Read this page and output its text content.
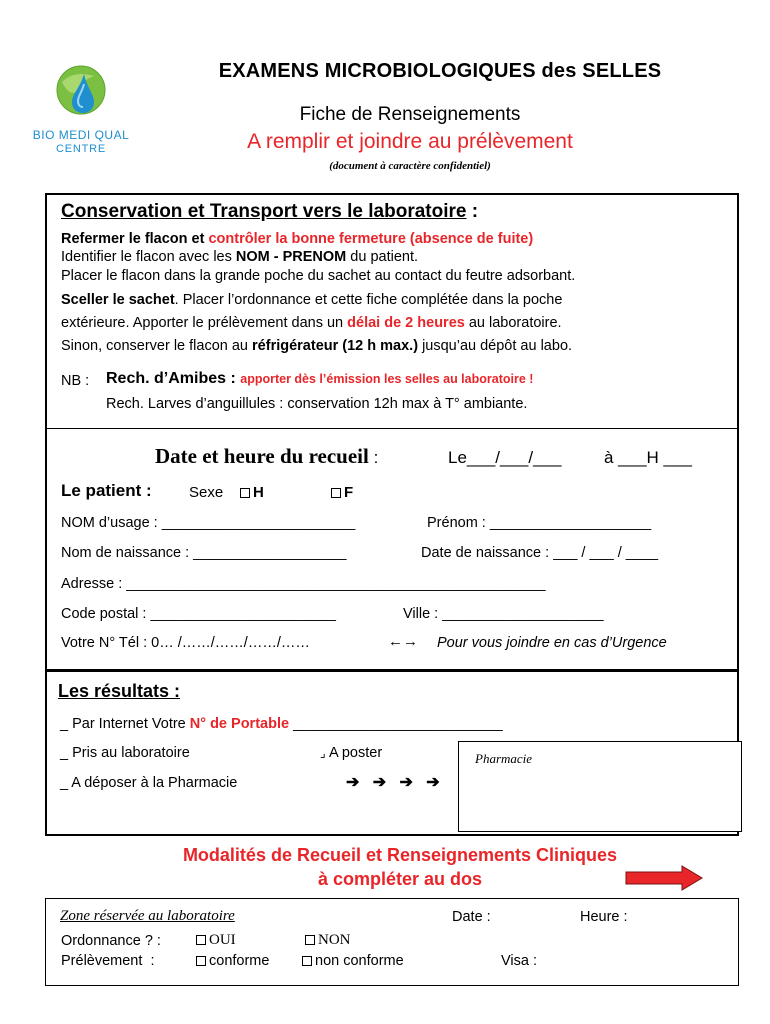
BIO MEDI QUAL
CENTRE
EXAMENS MICROBIOLOGIQUES des SELLES
Fiche de Renseignements
A remplir et joindre au prélèvement
(document à caractère confidentiel)
Conservation et Transport vers le laboratoire :
Refermer le flacon et contrôler la bonne fermeture (absence de fuite)
Identifier le flacon avec les NOM - PRENOM du patient.
Placer le flacon dans la grande poche du sachet au contact du feutre adsorbant.
Sceller le sachet. Placer l’ordonnance et cette fiche complétée dans la poche
extérieure. Apporter le prélèvement dans un délai de 2 heures au laboratoire.
Sinon, conserver le flacon au réfrigérateur (12 h max.) jusqu’au dépôt au labo.
NB : Rech. d’Amibes : apporter dès l’émission les selles au laboratoire !
Rech. Larves d’anguillules : conservation 12h max à T° ambiante.
Date et heure du recueil :	Le___/___/___	à ___H ___
Le patient : Sexe	H	F
NOM d’usage : ________________________	Prénom : ____________________
Nom de naissance : ___________________	Date de naissance : ___ / ___ / ____
Adresse : ____________________________________________________
Code postal : _______________________	Ville : ____________________
Votre N° Tél : 0… /……/……/……/……	←→ Pour vous joindre en cas d’Urgence
Les résultats :
_ Par Internet Votre N° de Portable __________________________
_ Pris au laboratoire	⌟ A poster
_ A déposer à la Pharmacie	➔   ➔   ➔   ➔
Pharmacie
Modalités de Recueil et Renseignements Cliniques
à compléter au dos
Zone réservée au laboratoire	Date :	Heure :
Ordonnance ? :	OUI	NON
Prélèvement  :	conforme	non conforme	Visa :
